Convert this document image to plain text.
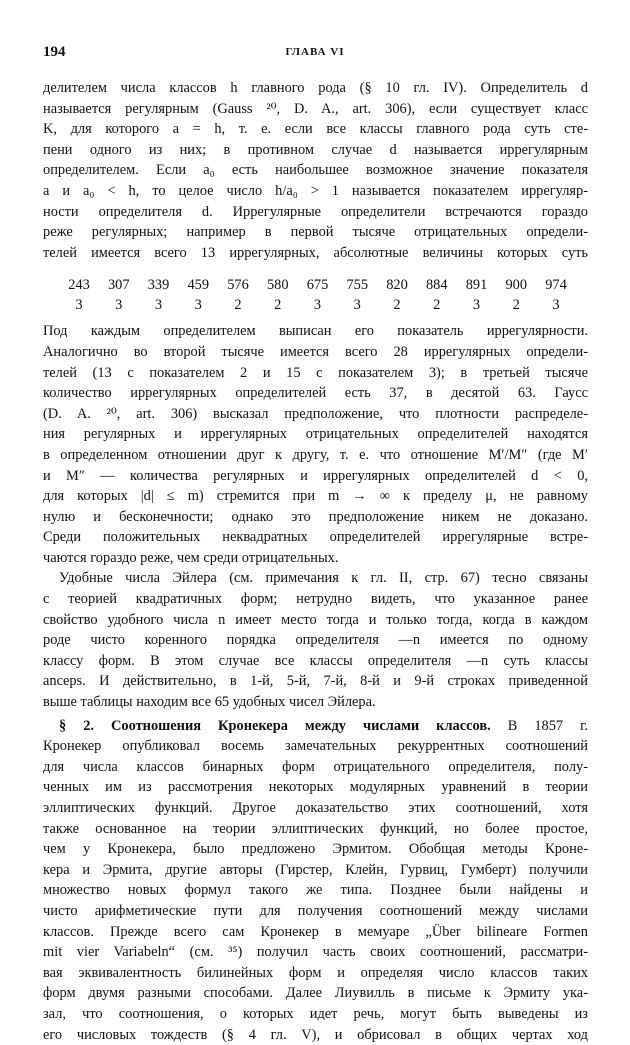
194	ГЛАВА VI
делителем числа классов h главного рода (§ 10 гл. IV). Определитель d
называется регулярным (Gauss ²⁰, D. A., art. 306), если существует класс
K, для которого a = h, т. е. если все классы главного рода суть сте-
пени одного из них; в противном случае d называется иррегулярным
определителем. Если a₀ есть наибольшее возможное значение показателя
a и a₀ < h, то целое число h/a₀ > 1 называется показателем иррегуляр-
ности определителя d. Иррегулярные определители встречаются гораздо
реже регулярных; например в первой тысяче отрицательных определи-
телей имеется всего 13 иррегулярных, абсолютные величины которых суть
243	307	339	459	576	580	675	755	820	884	891	900	974
3	3	3	3	2	2	3	3	2	2	3	2	3
Под каждым определителем выписан его показатель иррегулярности.
Аналогично во второй тысяче имеется всего 28 иррегулярных определи-
телей (13 с показателем 2 и 15 с показателем 3); в третьей тысяче
количество иррегулярных определителей есть 37, в десятой 63. Гаусс
(D. A. ²⁰, art. 306) высказал предположение, что плотности распределе-
ния регулярных и иррегулярных отрицательных определителей находятся
в определенном отношении друг к другу, т. е. что отношение M′/M″ (где M′
и M″ — количества регулярных и иррегулярных определителей d < 0,
для которых |d| ≤ m) стремится при m → ∞ к пределу μ, не равному
нулю и бесконечности; однако это предположение никем не доказано.
Среди положительных неквадратных определителей иррегулярные встре-
чаются гораздо реже, чем среди отрицательных.
Удобные числа Эйлера (см. примечания к гл. II, стр. 67) тесно связаны
с теорией квадратичных форм; нетрудно видеть, что указанное ранее
свойство удобного числа n имеет место тогда и только тогда, когда в каждом
роде чисто коренного порядка определителя —n имеется по одному
классу форм. В этом случае все классы определителя —n суть классы
anceps. И действительно, в 1-й, 5-й, 7-й, 8-й и 9-й строках приведенной
выше таблицы находим все 65 удобных чисел Эйлера.
§ 2. Соотношения Кронекера между числами классов. В 1857 г.
Кронекер опубликовал восемь замечательных рекуррентных соотношений
для числа классов бинарных форм отрицательного определителя, полу-
ченных им из рассмотрения некоторых модулярных уравнений в теории
эллиптических функций. Другое доказательство этих соотношений, хотя
также основанное на теории эллиптических функций, но более простое,
чем у Кронекера, было предложено Эрмитом. Обобщая методы Кроне-
кера и Эрмита, другие авторы (Гирстер, Клейн, Гурвиц, Гумберт) получили
множество новых формул такого же типа. Позднее были найдены и
чисто арифметические пути для получения соотношений между числами
классов. Прежде всего сам Кронекер в мемуаре „Über bilineare Formen
mit vier Variabeln“ (см. ³⁵) получил часть своих соотношений, рассматри-
вая эквивалентность билинейных форм и определяя число классов таких
форм двумя разными способами. Далее Лиувилль в письме к Эрмиту ука-
зал, что соотношения, о которых идет речь, могут быть выведены из
его числовых тождеств (§ 4 гл. V), и обрисовал в общих чертах ход
